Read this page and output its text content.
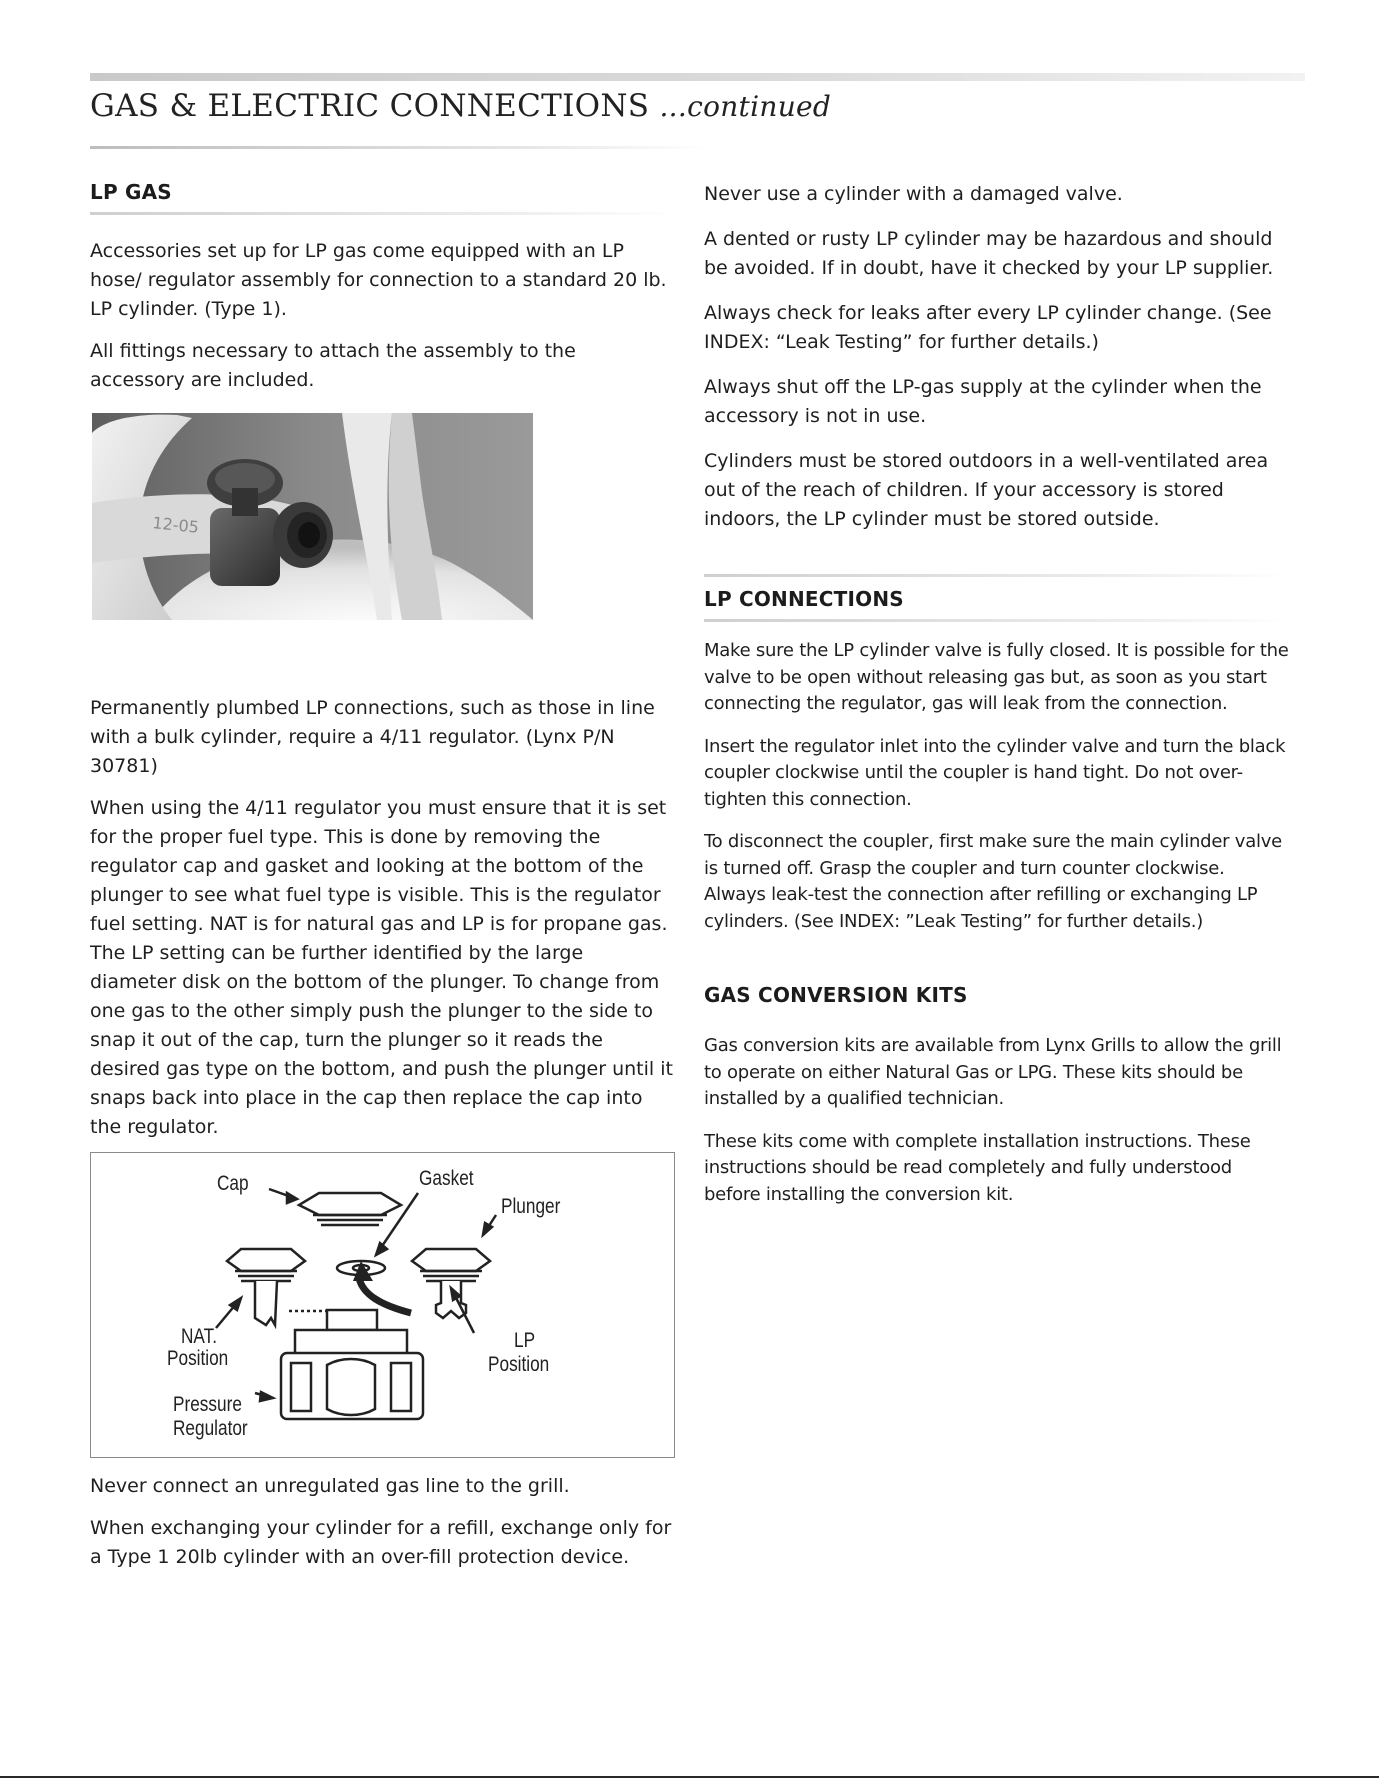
GAS & ELECTRIC CONNECTIONS ...continued
LP GAS

Accessories set up for LP gas come equipped with an LP hose/ regulator assembly for connection to a standard 20 lb. LP cylinder. (Type 1).

All fittings necessary to attach the assembly to the accessory are included.

12-05

Permanently plumbed LP connections, such as those in line with a bulk cylinder, require a 4/11 regulator. (Lynx P/N 30781)

When using the 4/11 regulator you must ensure that it is set for the proper fuel type. This is done by removing the regulator cap and gasket and looking at the bottom of the plunger to see what fuel type is visible. This is the regulator fuel setting. NAT is for natural gas and LP is for propane gas. The LP setting can be further identified by the large diameter disk on the bottom of the plunger. To change from one gas to the other simply push the plunger to the side to snap it out of the cap, turn the plunger so it reads the desired gas type on the bottom, and push the plunger until it snaps back into place in the cap then replace the cap into the regulator.

Cap	Gasket
Plunger
NAT.
Position
LP
Position
Pressure
Regulator

Never connect an unregulated gas line to the grill.

When exchanging your cylinder for a refill, exchange only for a Type 1 20lb cylinder with an over-fill protection device.

Never use a cylinder with a damaged valve.

A dented or rusty LP cylinder may be hazardous and should be avoided. If in doubt, have it checked by your LP supplier.

Always check for leaks after every LP cylinder change. (See INDEX: “Leak Testing” for further details.)

Always shut off the LP-gas supply at the cylinder when the accessory is not in use.

Cylinders must be stored outdoors in a well-ventilated area out of the reach of children. If your accessory is stored indoors, the LP cylinder must be stored outside.

LP CONNECTIONS

Make sure the LP cylinder valve is fully closed. It is possible for the valve to be open without releasing gas but, as soon as you start connecting the regulator, gas will leak from the connection.

Insert the regulator inlet into the cylinder valve and turn the black coupler clockwise until the coupler is hand tight. Do not over-tighten this connection.

To disconnect the coupler, first make sure the main cylinder valve is turned off. Grasp the coupler and turn counter clockwise. Always leak-test the connection after refilling or exchanging LP cylinders. (See INDEX: ”Leak Testing” for further details.)

GAS CONVERSION KITS

Gas conversion kits are available from Lynx Grills to allow the grill to operate on either Natural Gas or LPG. These kits should be installed by a qualified technician.

These kits come with complete installation instructions. These instructions should be read completely and fully understood before installing the conversion kit.
